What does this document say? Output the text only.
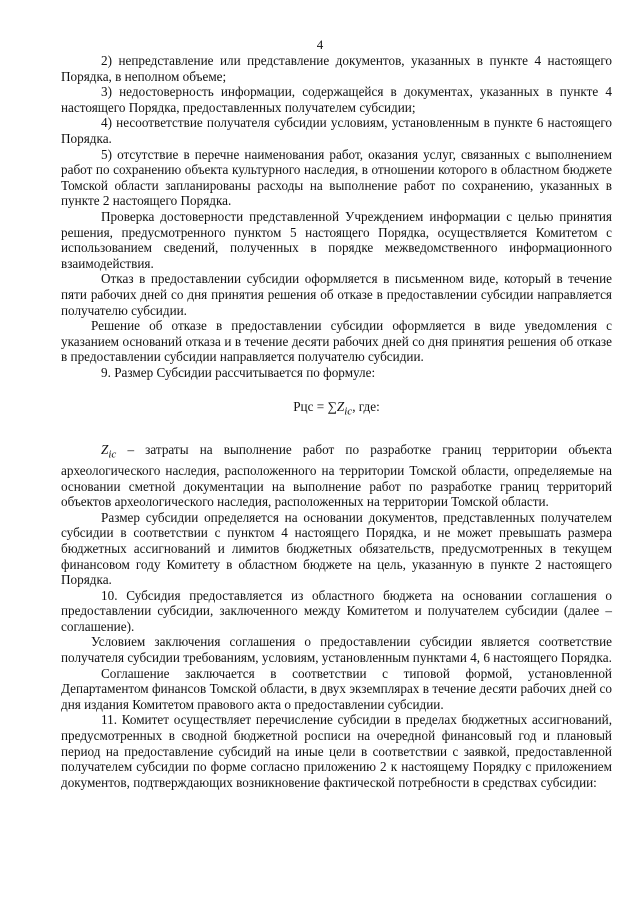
4

2) непредставление или представление документов, указанных в пункте 4 настоящего Порядка, в неполном объеме;

3) недостоверность информации, содержащейся в документах, указанных в пункте 4 настоящего Порядка, предоставленных получателем субсидии;

4) несоответствие получателя субсидии условиям, установленным в пункте 6 настоящего Порядка.

5) отсутствие в перечне наименования работ, оказания услуг, связанных с выполнением работ по сохранению объекта культурного наследия, в отношении которого в областном бюджете Томской области запланированы расходы на выполнение работ по сохранению, указанных в пункте 2 настоящего Порядка.

Проверка достоверности представленной Учреждением информации с целью принятия решения, предусмотренного пунктом 5 настоящего Порядка, осуществляется Комитетом с использованием сведений, полученных в порядке межведомственного информационного взаимодействия.

Отказ в предоставлении субсидии оформляется в письменном виде, который в течение пяти рабочих дней со дня принятия решения об отказе в предоставлении субсидии направляется получателю субсидии.

Решение об отказе в предоставлении субсидии оформляется в виде уведомления с указанием оснований отказа и в течение десяти рабочих дней со дня принятия решения об отказе в предоставлении субсидии направляется получателю субсидии.

9. Размер Субсидии рассчитывается по формуле:

Рцс = $\sum Z_{ic}$, где:

$Z_{ic}$ – затраты на выполнение работ по разработке границ территории объекта археологического наследия, расположенного на территории Томской области, определяемые на основании сметной документации на выполнение работ по разработке границ территорий объектов археологического наследия, расположенных на территории Томской области.

Размер субсидии определяется на основании документов, представленных получателем субсидии в соответствии с пунктом 4 настоящего Порядка, и не может превышать размера бюджетных ассигнований и лимитов бюджетных обязательств, предусмотренных в текущем финансовом году Комитету в областном бюджете на цель, указанную в пункте 2 настоящего Порядка.

10. Субсидия предоставляется из областного бюджета на основании соглашения о предоставлении субсидии, заключенного между Комитетом и получателем субсидии (далее – соглашение).

Условием заключения соглашения о предоставлении субсидии является соответствие получателя субсидии требованиям, условиям, установленным пунктами 4, 6 настоящего Порядка.

Соглашение заключается в соответствии с типовой формой, установленной Департаментом финансов Томской области, в двух экземплярах в течение десяти рабочих дней со дня издания Комитетом правового акта о предоставлении субсидии.

11. Комитет осуществляет перечисление субсидии в пределах бюджетных ассигнований, предусмотренных в сводной бюджетной росписи на очередной финансовый год и плановый период на предоставление субсидий на иные цели в соответствии с заявкой, предоставленной получателем субсидии по форме согласно приложению 2 к настоящему Порядку с приложением документов, подтверждающих возникновение фактической потребности в средствах субсидии:
